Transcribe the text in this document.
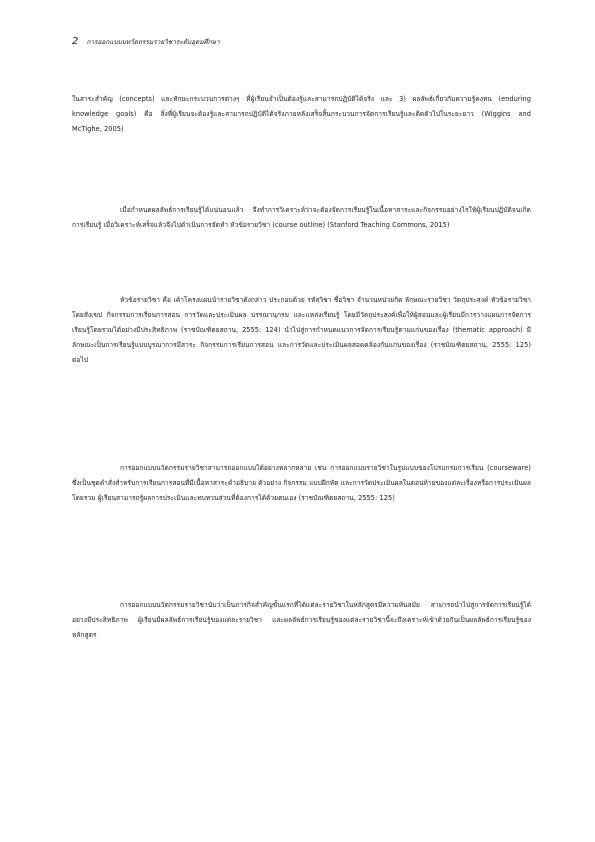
2 การออกแบบบทวัตถรรมรายวิชาระดับอุดมศึกษา

ในสาระสำคัญ (concepts) และทักษะกระบวนการต่างๆ ที่ผู้เรียนจำเป็นต้องรู้และสามารถปฏิบัติได้จริง และ 3) ผลลัพธ์เกี่ยวกับความรู้คงทน (enduring knowledge goals) คือ สิ่งที่ผู้เรียนจะต้องรู้และสามารถปฏิบัติได้จริงภายหลังเสร็จสิ้นกระบวนการจัดการเรียนรู้และติดตัวไปในระยะยาว (Wiggins and McTighe, 2005)

เมื่อกำหนดผลลัพธ์การเรียนรู้ได้แน่นอนแล้ว จึงทำการวิเคราะห์ว่าจะต้องจัดการเรียนรู้ในเนื้อหาสาระและกิจกรรมอย่างไรให้ผู้เรียนปฏิบัติจนเกิดการเรียนรู้ เมื่อวิเคราะห์เสร็จแล้วจึงไปดำเนินการจัดทำ หัวข้อรายวิชา (course outline) (Stanford Teaching Commons, 2015)

หัวข้อรายวิชา คือ เค้าโครงแผนนำรายวิชาดังกล่าว ประกอบด้วย รหัสวิชา ชื่อวิชา จำนวนหน่วยกิต ลักษณะรายวิชา วัตถุประสงค์ หัวข้อรายวิชาโดยสังเขป กิจกรรมการเรียนการสอน การวัดและประเมินผล บรรณานุกรม และแหล่งเรียนรู้ โดยมีวัตถุประสงค์เพื่อให้ผู้สอนและผู้เรียนมีการวางแผนการจัดการเรียนรู้โดยรวมได้อย่างมีประสิทธิภาพ (ราชบัณฑิตยสถาน, 2555: 124) นำไปสู่การกำหนดแนวการจัดการเรียนรู้ตามแก่นของเรื่อง (thematic approach) มีลักษณะเป็นการเรียนรู้แบบบูรณาการมีสาระ กิจกรรมการเรียนการสอน และการวัดและประเมินผลสอดคล้องกันแก่นของเรื่อง (ราชบัณฑิตยสถาน, 2555: 125) ต่อไป

การออกแบบนวัตกรรมรายวิชาสามารถออกแบบได้อย่างหลากหลาย เช่น การออกแบบรายวิชาในรูปแบบของโปรแกรมการเรียน (courseware) ซึ่งเป็นชุดคำสั่งสำหรับการเรียนการสอนที่มีเนื้อหาสาระคำอธิบาย ตัวอย่าง กิจกรรม แบบฝึกหัด และการวัดประเมินผลในตอนท้ายของแต่ละเรื่องหรือการประเมินผลโดยรวม ผู้เรียนสามารถรู้ผลการประเมินและทบทวนส่วนที่ต้องการได้ด้วยตนเอง (ราชบัณฑิตยสถาน, 2555: 125)

การออกแบบนวัตกรรมรายวิชานับว่าเป็นภารกิจสำคัญขั้นแรกที่ได้แต่ละรายวิชาในหลักสูตรมีความทันสมัย สามารถนำไปสู่การจัดการเรียนรู้ได้อย่างมีประสิทธิภาพ ผู้เรียนมีผลลัพธ์การเรียนรู้ของแต่ละรายวิชา และผลลัพธ์การเรียนรู้ของแต่ละรายวิชานี้จะถึงเคราะห์เข้าด้วยกันเป็นผลลัพธ์การเรียนรู้ของหลักสูตร
